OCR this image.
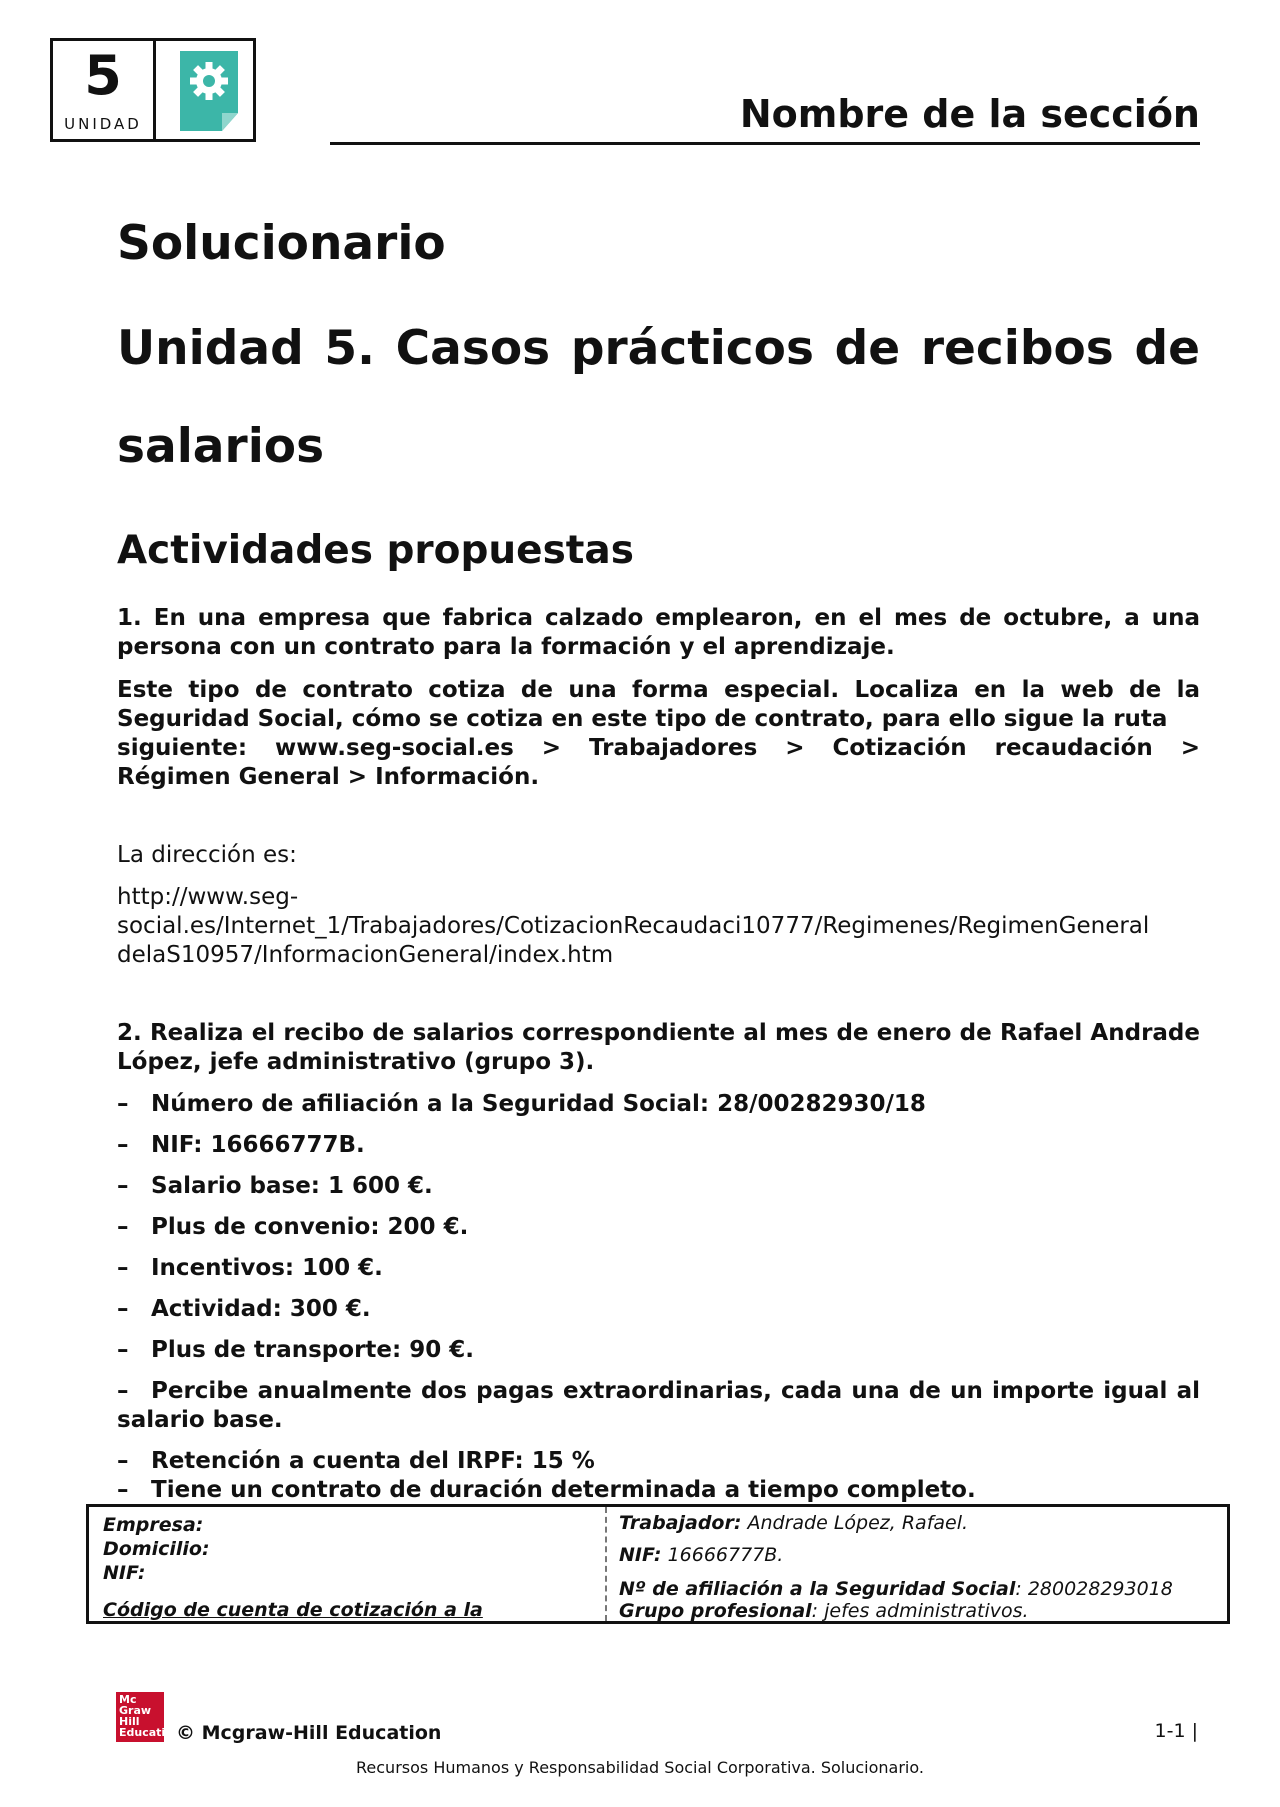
5
UNIDAD	Nombre de la sección
Solucionario
Unidad 5. Casos prácticos de recibos de salarios
Actividades propuestas
1. En una empresa que fabrica calzado emplearon, en el mes de octubre, a una persona con un contrato para la formación y el aprendizaje.
Este tipo de contrato cotiza de una forma especial. Localiza en la web de la Seguridad Social, cómo se cotiza en este tipo de contrato, para ello sigue la ruta
siguiente: www.seg-social.es > Trabajadores > Cotización recaudación >
Régimen General > Información.
La dirección es:
http://www.seg-
social.es/Internet_1/Trabajadores/CotizacionRecaudaci10777/Regimenes/RegimenGeneral
delaS10957/InformacionGeneral/index.htm
2. Realiza el recibo de salarios correspondiente al mes de enero de Rafael Andrade López, jefe administrativo (grupo 3).
– Número de afiliación a la Seguridad Social: 28/00282930/18
– NIF: 16666777B.
– Salario base: 1 600 €.
– Plus de convenio: 200 €.
– Incentivos: 100 €.
– Actividad: 300 €.
– Plus de transporte: 90 €.
– Percibe anualmente dos pagas extraordinarias, cada una de un importe igual al salario base.
– Retención a cuenta del IRPF: 15 %
– Tiene un contrato de duración determinada a tiempo completo.
Empresa:
Domicilio:
NIF:
Código de cuenta de cotización a la
Trabajador: Andrade López, Rafael.
NIF: 16666777B.
Nº de afiliación a la Seguridad Social: 280028293018
Grupo profesional: jefes administrativos.
Mc Graw Hill Education
© Mcgraw-Hill Education	1-1 |
Recursos Humanos y Responsabilidad Social Corporativa. Solucionario.
